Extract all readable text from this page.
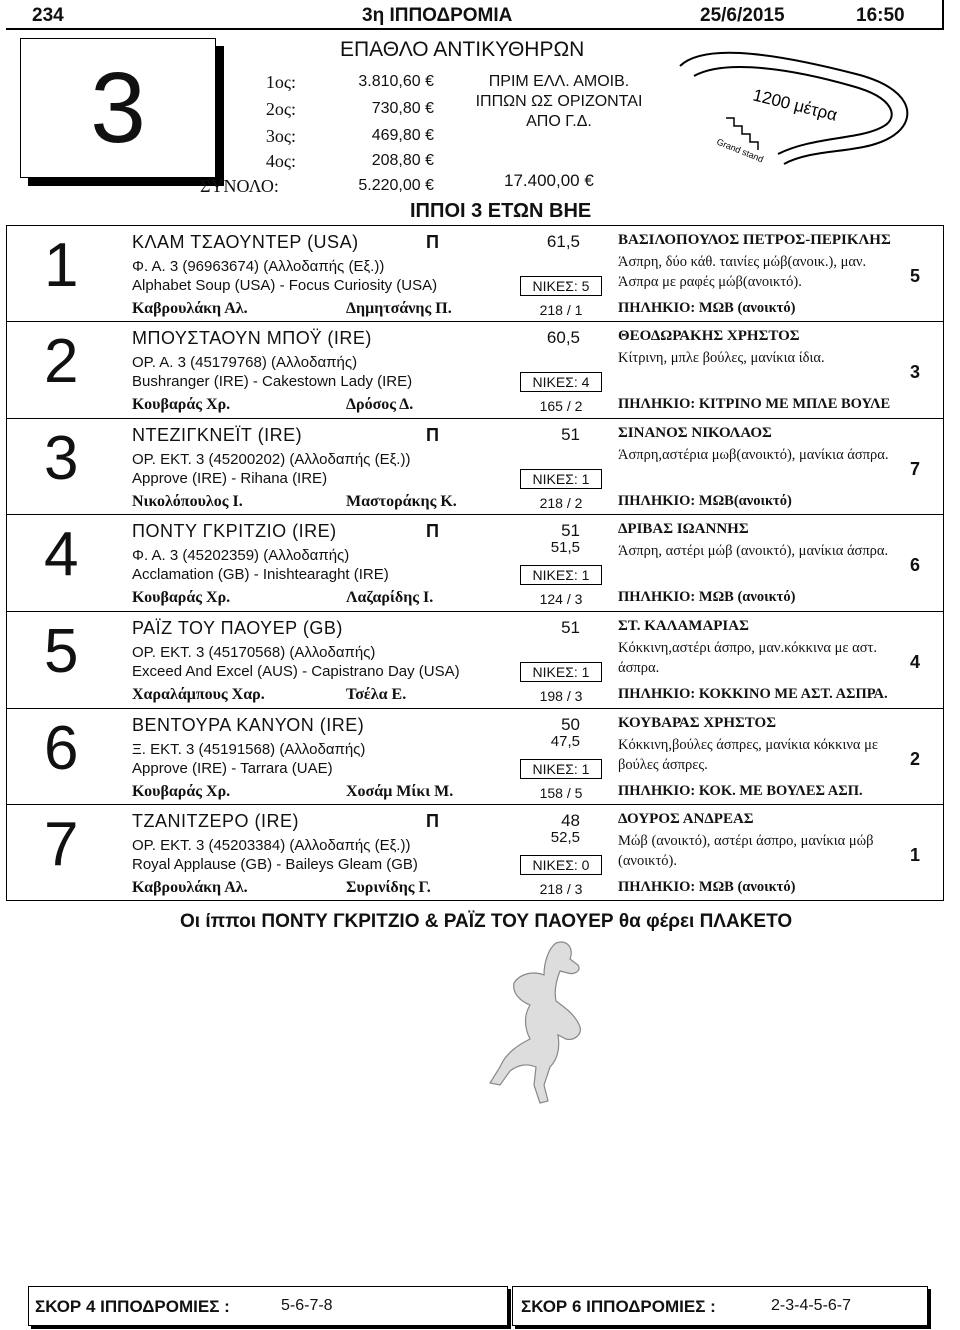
234	3η ΙΠΠΟΔΡΟΜΙΑ	25/6/2015	16:50
3
ΕΠΑΘΛΟ ΑΝΤΙΚΥΘΗΡΩΝ
1ος:	3.810,60 €
2ος:	730,80 €
3ος:	469,80 €
4ος:	208,80 €
ΣΥΝΟΛΟ:	5.220,00 €
ΠΡΙΜ ΕΛΛ. ΑΜΟΙΒ.
ΙΠΠΩΝ ΩΣ ΟΡΙΖΟΝΤΑΙ
ΑΠΟ Γ.Δ.
17.400,00 €
1200 μέτρα
Grand stand
ΙΠΠΟΙ 3 ΕΤΩΝ ΒΗΕ
1	ΚΛΑΜ ΤΣΑΟΥΝΤΕΡ (USA)	Π	61,5
Φ. Α. 3 (96963674) (Αλλοδαπής (Εξ.))
Alphabet Soup (USA) - Focus Curiosity (USA)	ΝΙΚΕΣ: 5
Καβρουλάκη Αλ.	Δημητσάνης Π.	218 / 1
ΒΑΣΙΛΟΠΟΥΛΟΣ ΠΕΤΡΟΣ-ΠΕΡΙΚΛΗΣ
Άσπρη, δύο κάθ. ταινίες μώβ(ανοικ.), μαν. Άσπρα με ραφές μώβ(ανοικτό).
ΠΗΛΗΚΙΟ: ΜΩΒ (ανοικτό)
5
2	ΜΠΟΥΣΤΑΟΥΝ ΜΠΟΫ (IRE)	60,5
ΟΡ. Α. 3 (45179768) (Αλλοδαπής)
Bushranger (IRE) - Cakestown Lady (IRE)	ΝΙΚΕΣ: 4
Κουβαράς Χρ.	Δρόσος Δ.	165 / 2
ΘΕΟΔΩΡΑΚΗΣ ΧΡΗΣΤΟΣ
Κίτρινη, μπλε βούλες, μανίκια ίδια.
ΠΗΛΗΚΙΟ: ΚΙΤΡΙΝΟ ΜΕ ΜΠΛΕ ΒΟΥΛΕ
3
3	ΝΤΕΖΙΓΚΝΕΪΤ (IRE)	Π	51
ΟΡ. ΕΚΤ. 3 (45200202) (Αλλοδαπής (Εξ.))
Approve (IRE) - Rihana (IRE)	ΝΙΚΕΣ: 1
Νικολόπουλος Ι.	Μαστοράκης Κ.	218 / 2
ΣΙΝΑΝΟΣ ΝΙΚΟΛΑΟΣ
Άσπρη,αστέρια μωβ(ανοικτό), μανίκια άσπρα.
ΠΗΛΗΚΙΟ: ΜΩΒ(ανοικτό)
7
4	ΠΟΝΤΥ ΓΚΡΙΤΖΙΟ (IRE)	Π	51
51,5
Φ. Α. 3 (45202359) (Αλλοδαπής)
Acclamation (GB) - Inishtearaght (IRE)	ΝΙΚΕΣ: 1
Κουβαράς Χρ.	Λαζαρίδης Ι.	124 / 3
ΔΡΙΒΑΣ ΙΩΑΝΝΗΣ
Άσπρη, αστέρι μώβ (ανοικτό), μανίκια άσπρα.
ΠΗΛΗΚΙΟ: ΜΩΒ (ανοικτό)
6
5	ΡΑΪΖ ΤΟΥ ΠΑΟΥΕΡ (GB)	51
ΟΡ. ΕΚΤ. 3 (45170568) (Αλλοδαπής)
Exceed And Excel (AUS) - Capistrano Day (USA)	ΝΙΚΕΣ: 1
Χαραλάμπους Χαρ.	Τσέλα Ε.	198 / 3
ΣΤ. ΚΑΛΑΜΑΡΙΑΣ
Κόκκινη,αστέρι άσπρο, μαν.κόκκινα με αστ. άσπρα.
ΠΗΛΗΚΙΟ: ΚΟΚΚΙΝΟ ΜΕ ΑΣΤ. ΑΣΠΡΑ.
4
6	ΒΕΝΤΟΥΡΑ ΚΑΝΥΟΝ (IRE)	50
47,5
Ξ. ΕΚΤ. 3 (45191568) (Αλλοδαπής)
Approve (IRE) - Tarrara (UAE)	ΝΙΚΕΣ: 1
Κουβαράς Χρ.	Χοσάμ Μίκι Μ.	158 / 5
ΚΟΥΒΑΡΑΣ ΧΡΗΣΤΟΣ
Κόκκινη,βούλες άσπρες, μανίκια κόκκινα με βούλες άσπρες.
ΠΗΛΗΚΙΟ: ΚΟΚ. ΜΕ ΒΟΥΛΕΣ ΑΣΠ.
2
7	ΤΖΑΝΙΤΖΕΡΟ (IRE)	Π	48
52,5
ΟΡ. ΕΚΤ. 3 (45203384) (Αλλοδαπής (Εξ.))
Royal Applause (GB) - Baileys Gleam (GB)	ΝΙΚΕΣ: 0
Καβρουλάκη Αλ.	Συρινίδης Γ.	218 / 3
ΔΟΥΡΟΣ ΑΝΔΡΕΑΣ
Μώβ (ανοικτό), αστέρι άσπρο, μανίκια μώβ (ανοικτό).
ΠΗΛΗΚΙΟ: ΜΩΒ (ανοικτό)
1
Οι ίπποι ΠΟΝΤΥ ΓΚΡΙΤΖΙΟ & ΡΑΪΖ ΤΟΥ ΠΑΟΥΕΡ θα φέρει ΠΛΑΚΕΤΟ
ΣΚΟΡ 4 ΙΠΠΟΔΡΟΜΙΕΣ :	5-6-7-8	ΣΚΟΡ 6 ΙΠΠΟΔΡΟΜΙΕΣ :	2-3-4-5-6-7
